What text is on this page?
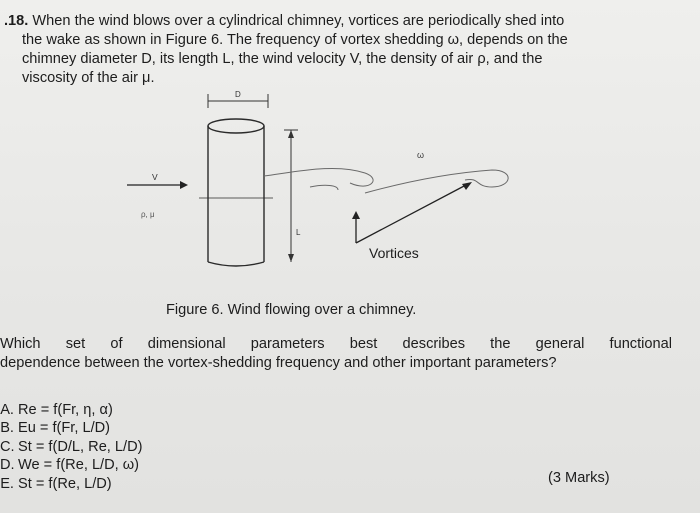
.18. When the wind blows over a cylindrical chimney, vortices are periodically shed into
the wake as shown in Figure 6. The frequency of vortex shedding ω, depends on the
chimney diameter D, its length L, the wind velocity V, the density of air ρ, and the
viscosity of the air μ.
D
L
V
ρ, μ
ω
Vortices
Figure 6. Wind flowing over a chimney.
Which set of dimensional parameters best describes the general functional
dependence between the vortex-shedding frequency and other important parameters?
A. Re = f(Fr, η, α)
B. Eu = f(Fr, L/D)
C. St = f(D/L, Re, L/D)
D. We = f(Re, L/D, ω)
E. St = f(Re, L/D)	(3 Marks)
